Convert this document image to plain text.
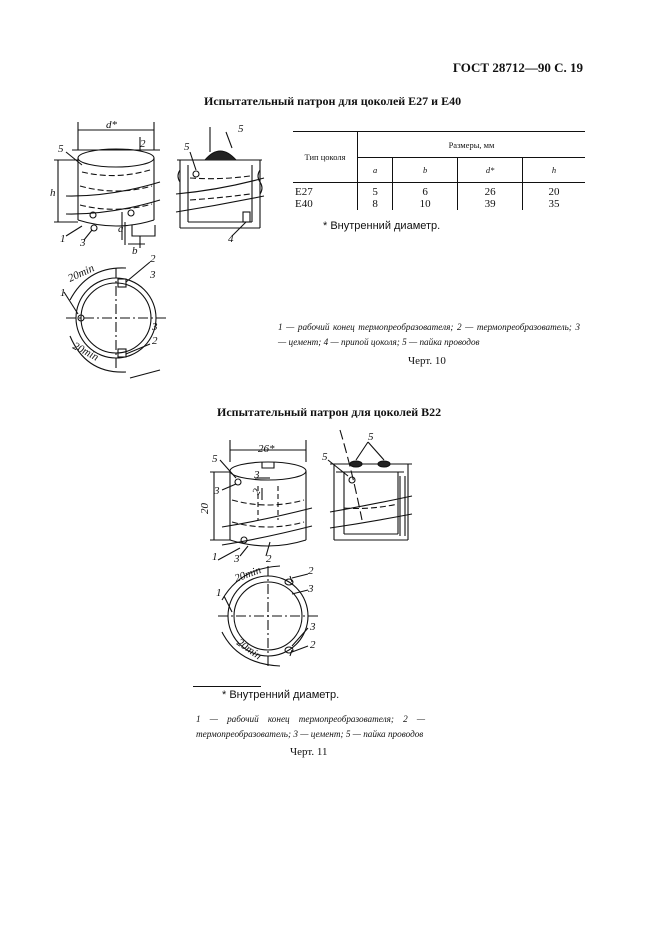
ГОСТ 28712—90 С. 19
Испытательный патрон для цоколей Е27 и Е40
Тип цоколя	Размеры, мм			
	a	b	d*	h
E27	5	6	26	20
E40	8	10	39	35
* Внутренний диаметр.
1 — рабочий конец термопреобразователя; 2 — термопреобразователь; 3 — цемент; 4 — припой цоколя; 5 — пайка проводов
Черт. 10
Испытательный патрон для цоколей В22
* Внутренний диаметр.
1 — рабочий конец термопреобразователя; 2 — термопреобразователь; 3 — цемент; 5 — пайка проводов
Черт. 11
d*
2
h
a
b
5
1 3
5
5
4
20min
20min
1
2
3
3
2
26*
20
3
2
5
3
1 3 2
5
5
20min
20min
1
2
3
3
2
